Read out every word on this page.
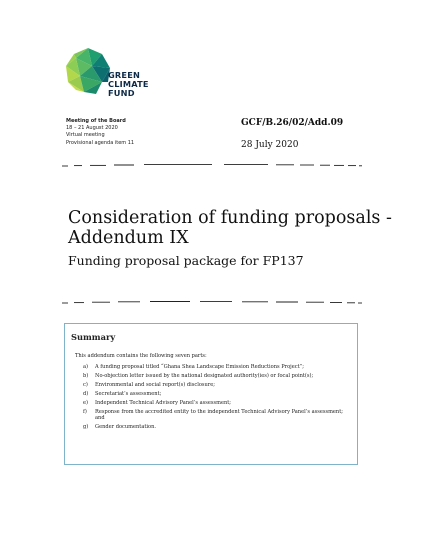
GREEN
CLIMATE
FUND
Meeting of the Board
18 – 21 August 2020
Virtual meeting
Provisional agenda item 11
GCF/B.26/02/Add.09
28 July 2020
Consideration of funding proposals -
Addendum IX
Funding proposal package for FP137
Summary
This addendum contains the following seven parts:
a)	A funding proposal titled “Ghana Shea Landscape Emission Reductions Project”;
b)	No-objection letter issued by the national designated authority(ies) or focal point(s);
c)	Environmental and social report(s) disclosure;
d)	Secretariat’s assessment;
e)	Independent Technical Advisory Panel’s assessment;
f)	Response from the accredited entity to the independent Technical Advisory Panel’s assessment; and
g)	Gender documentation.
